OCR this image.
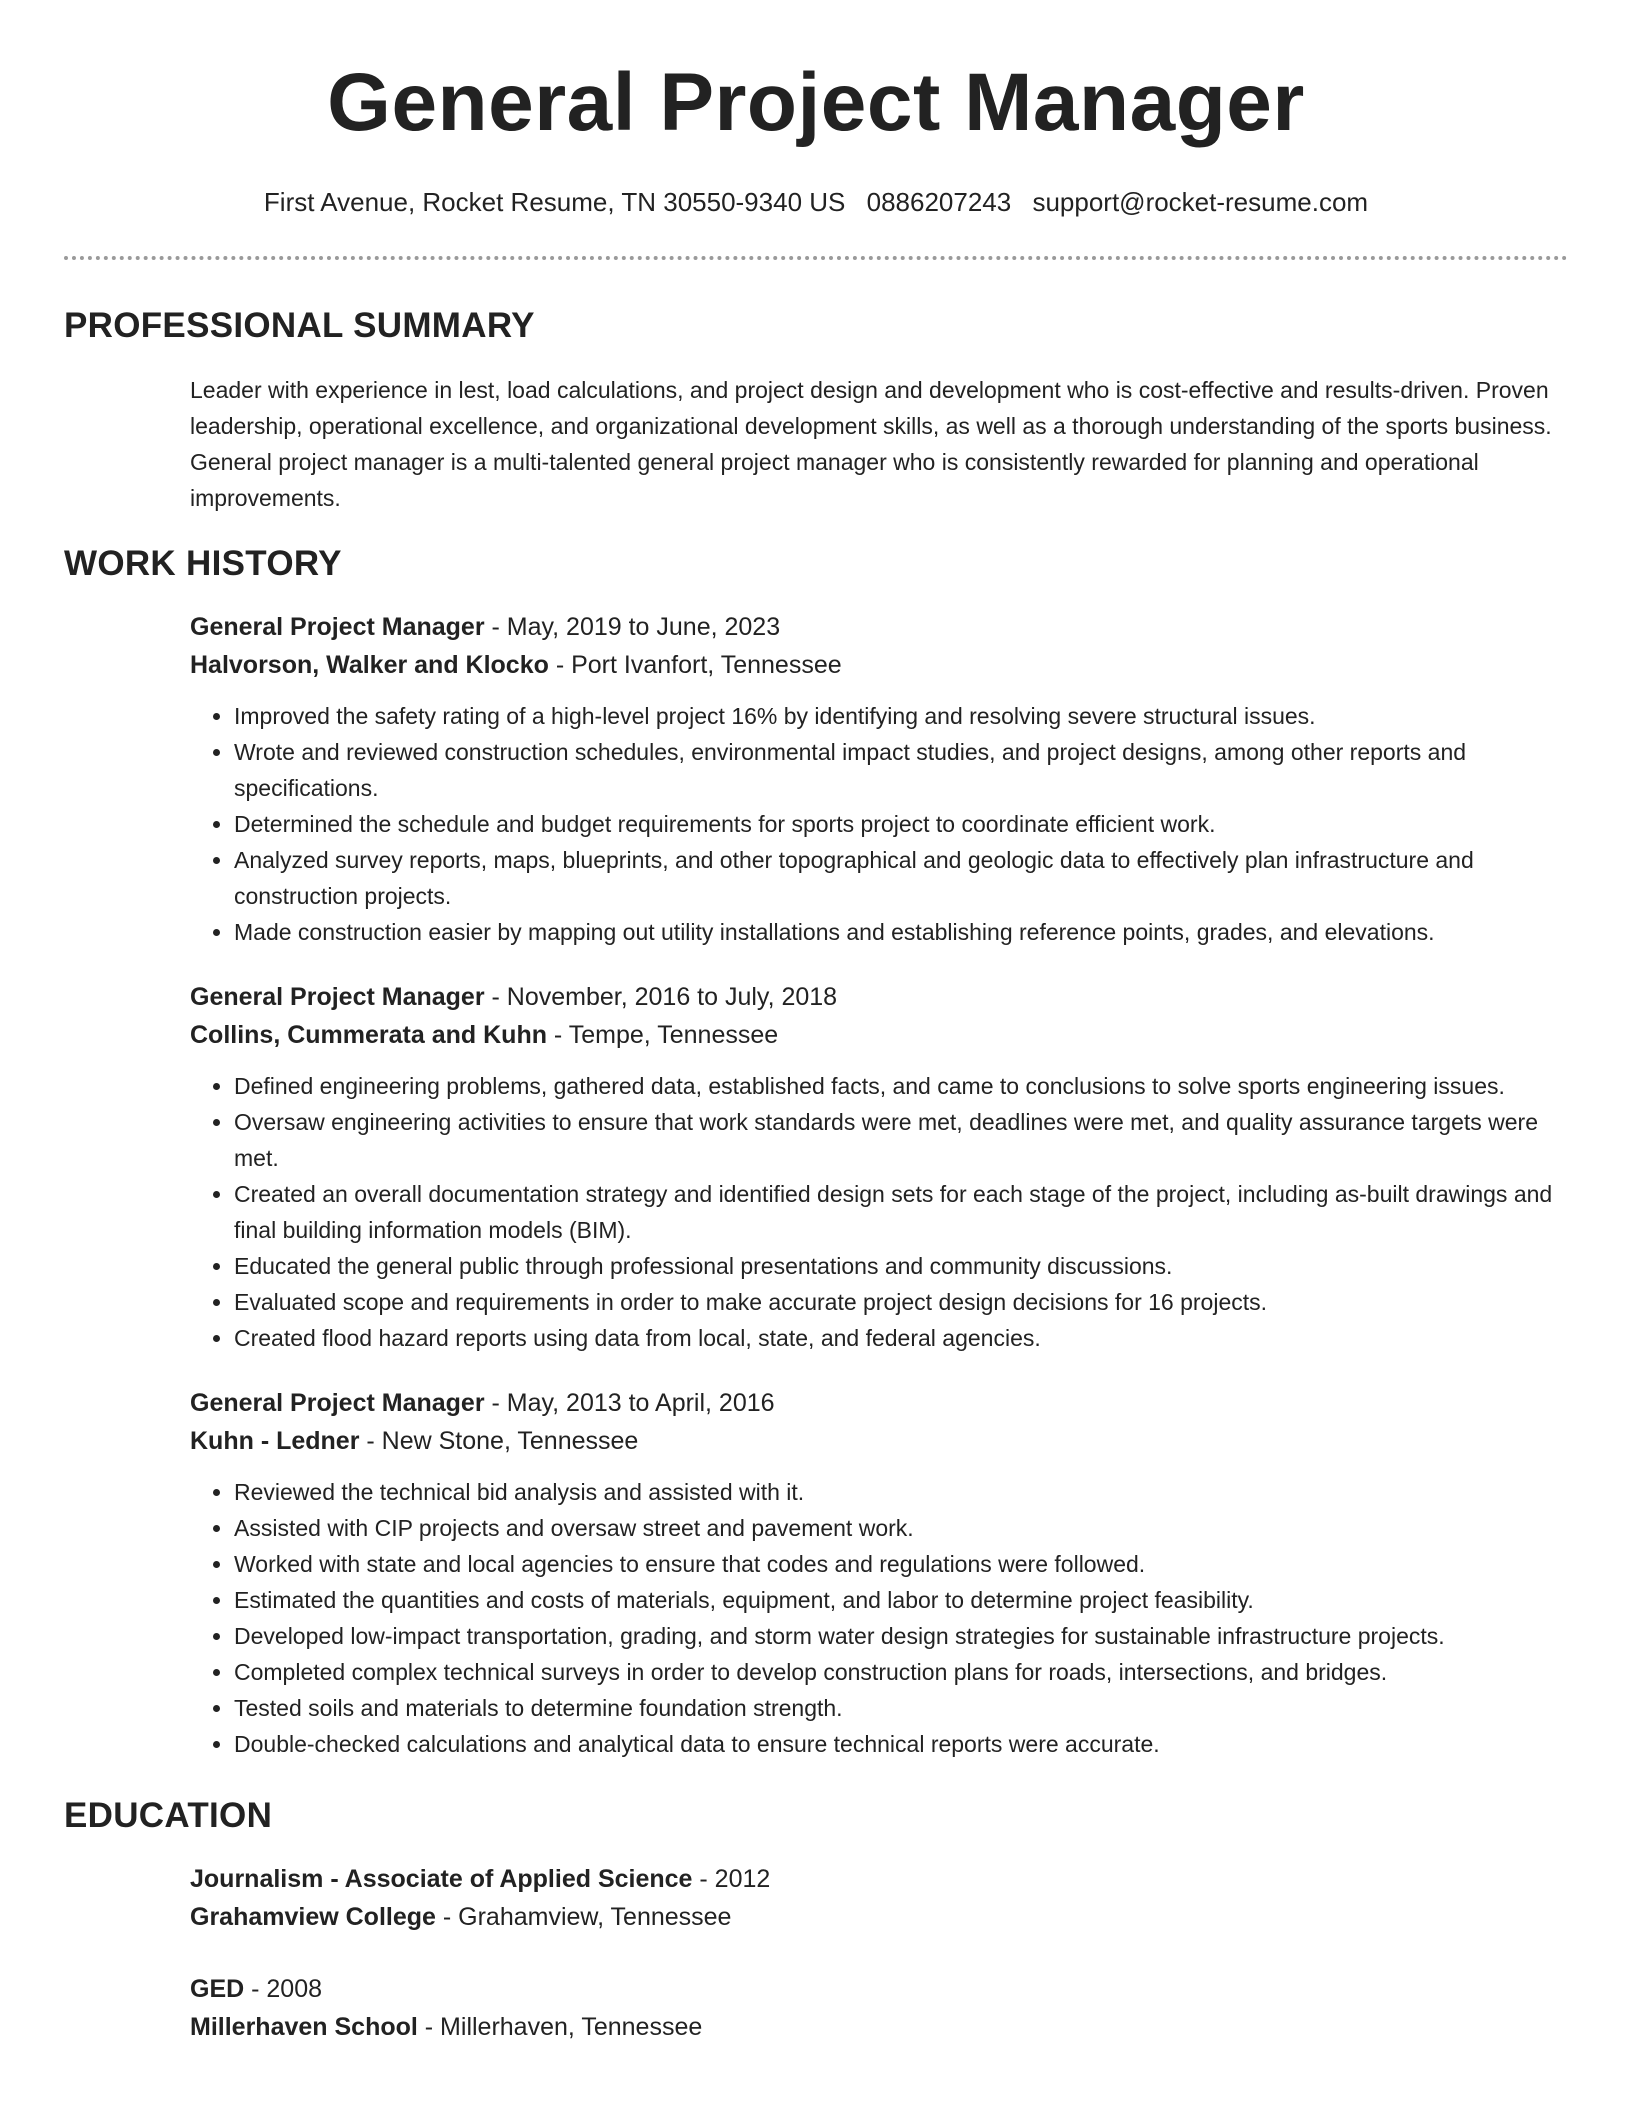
General Project Manager
First Avenue, Rocket Resume, TN 30550-9340 US 0886207243 support@rocket-resume.com
PROFESSIONAL SUMMARY
Leader with experience in lest, load calculations, and project design and development who is cost-effective and results-driven. Proven leadership, operational excellence, and organizational development skills, as well as a thorough understanding of the sports business. General project manager is a multi-talented general project manager who is consistently rewarded for planning and operational improvements.
WORK HISTORY
General Project Manager - May, 2019 to June, 2023
Halvorson, Walker and Klocko - Port Ivanfort, Tennessee
• Improved the safety rating of a high-level project 16% by identifying and resolving severe structural issues.
• Wrote and reviewed construction schedules, environmental impact studies, and project designs, among other reports and specifications.
• Determined the schedule and budget requirements for sports project to coordinate efficient work.
• Analyzed survey reports, maps, blueprints, and other topographical and geologic data to effectively plan infrastructure and construction projects.
• Made construction easier by mapping out utility installations and establishing reference points, grades, and elevations.
General Project Manager - November, 2016 to July, 2018
Collins, Cummerata and Kuhn - Tempe, Tennessee
• Defined engineering problems, gathered data, established facts, and came to conclusions to solve sports engineering issues.
• Oversaw engineering activities to ensure that work standards were met, deadlines were met, and quality assurance targets were met.
• Created an overall documentation strategy and identified design sets for each stage of the project, including as-built drawings and final building information models (BIM).
• Educated the general public through professional presentations and community discussions.
• Evaluated scope and requirements in order to make accurate project design decisions for 16 projects.
• Created flood hazard reports using data from local, state, and federal agencies.
General Project Manager - May, 2013 to April, 2016
Kuhn - Ledner - New Stone, Tennessee
• Reviewed the technical bid analysis and assisted with it.
• Assisted with CIP projects and oversaw street and pavement work.
• Worked with state and local agencies to ensure that codes and regulations were followed.
• Estimated the quantities and costs of materials, equipment, and labor to determine project feasibility.
• Developed low-impact transportation, grading, and storm water design strategies for sustainable infrastructure projects.
• Completed complex technical surveys in order to develop construction plans for roads, intersections, and bridges.
• Tested soils and materials to determine foundation strength.
• Double-checked calculations and analytical data to ensure technical reports were accurate.
EDUCATION
Journalism - Associate of Applied Science - 2012
Grahamview College - Grahamview, Tennessee
GED - 2008
Millerhaven School - Millerhaven, Tennessee
